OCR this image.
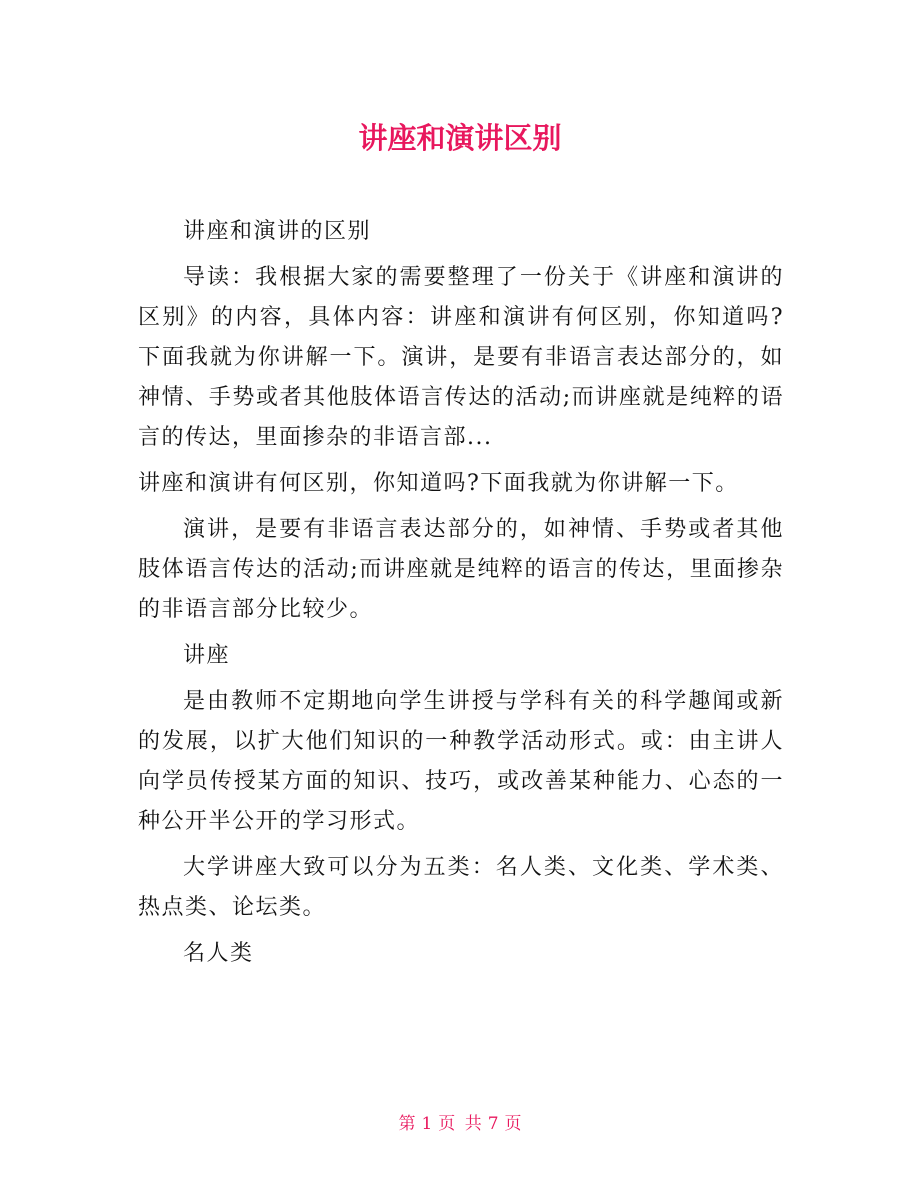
讲座和演讲区别

讲座和演讲的区别

导读：我根据大家的需要整理了一份关于《讲座和演讲的区别》的内容，具体内容：讲座和演讲有何区别，你知道吗?下面我就为你讲解一下。演讲，是要有非语言表达部分的，如神情、手势或者其他肢体语言传达的活动;而讲座就是纯粹的语言的传达，里面掺杂的非语言部...

讲座和演讲有何区别，你知道吗?下面我就为你讲解一下。

演讲，是要有非语言表达部分的，如神情、手势或者其他肢体语言传达的活动;而讲座就是纯粹的语言的传达，里面掺杂的非语言部分比较少。

讲座

是由教师不定期地向学生讲授与学科有关的科学趣闻或新的发展，以扩大他们知识的一种教学活动形式。或：由主讲人向学员传授某方面的知识、技巧，或改善某种能力、心态的一种公开半公开的学习形式。

大学讲座大致可以分为五类：名人类、文化类、学术类、热点类、论坛类。

名人类

第 1 页 共 7 页
